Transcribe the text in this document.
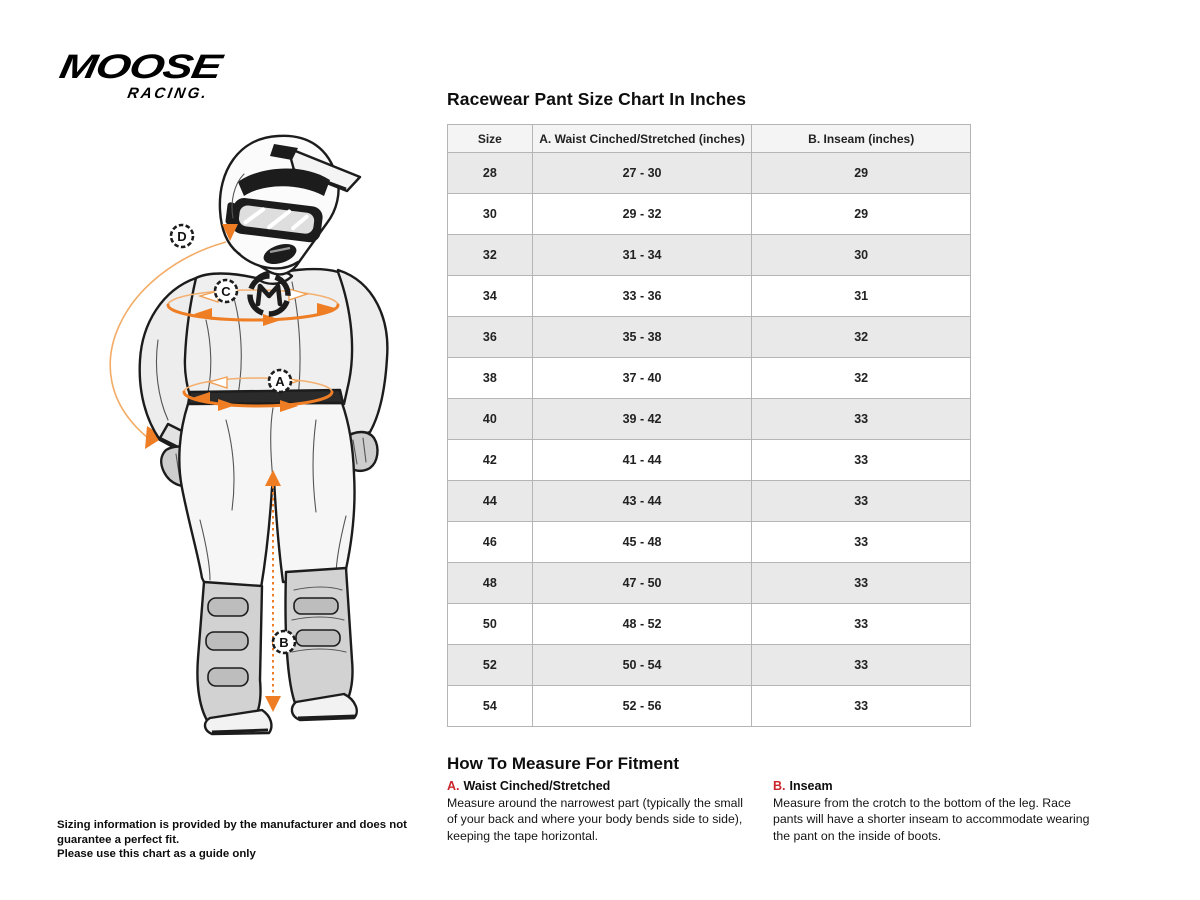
MOOSE
RACING.
A
B
C
D
Racewear Pant Size Chart In Inches
Size	A. Waist Cinched/Stretched (inches)	B. Inseam (inches)
28	27 - 30	29
30	29 - 32	29
32	31 - 34	30
34	33 - 36	31
36	35 - 38	32
38	37 - 40	32
40	39 - 42	33
42	41 - 44	33
44	43 - 44	33
46	45 - 48	33
48	47 - 50	33
50	48 - 52	33
52	50 - 54	33
54	52 - 56	33
How To Measure For Fitment
A. Waist Cinched/Stretched
Measure around the narrowest part (typically the small of your back and where your body bends side to side), keeping the tape horizontal.
B. Inseam
Measure from the crotch to the bottom of the leg. Race pants will have a shorter inseam to accommodate wearing the pant on the inside of boots.
Sizing information is provided by the manufacturer and does not guarantee a perfect fit.
Please use this chart as a guide only
